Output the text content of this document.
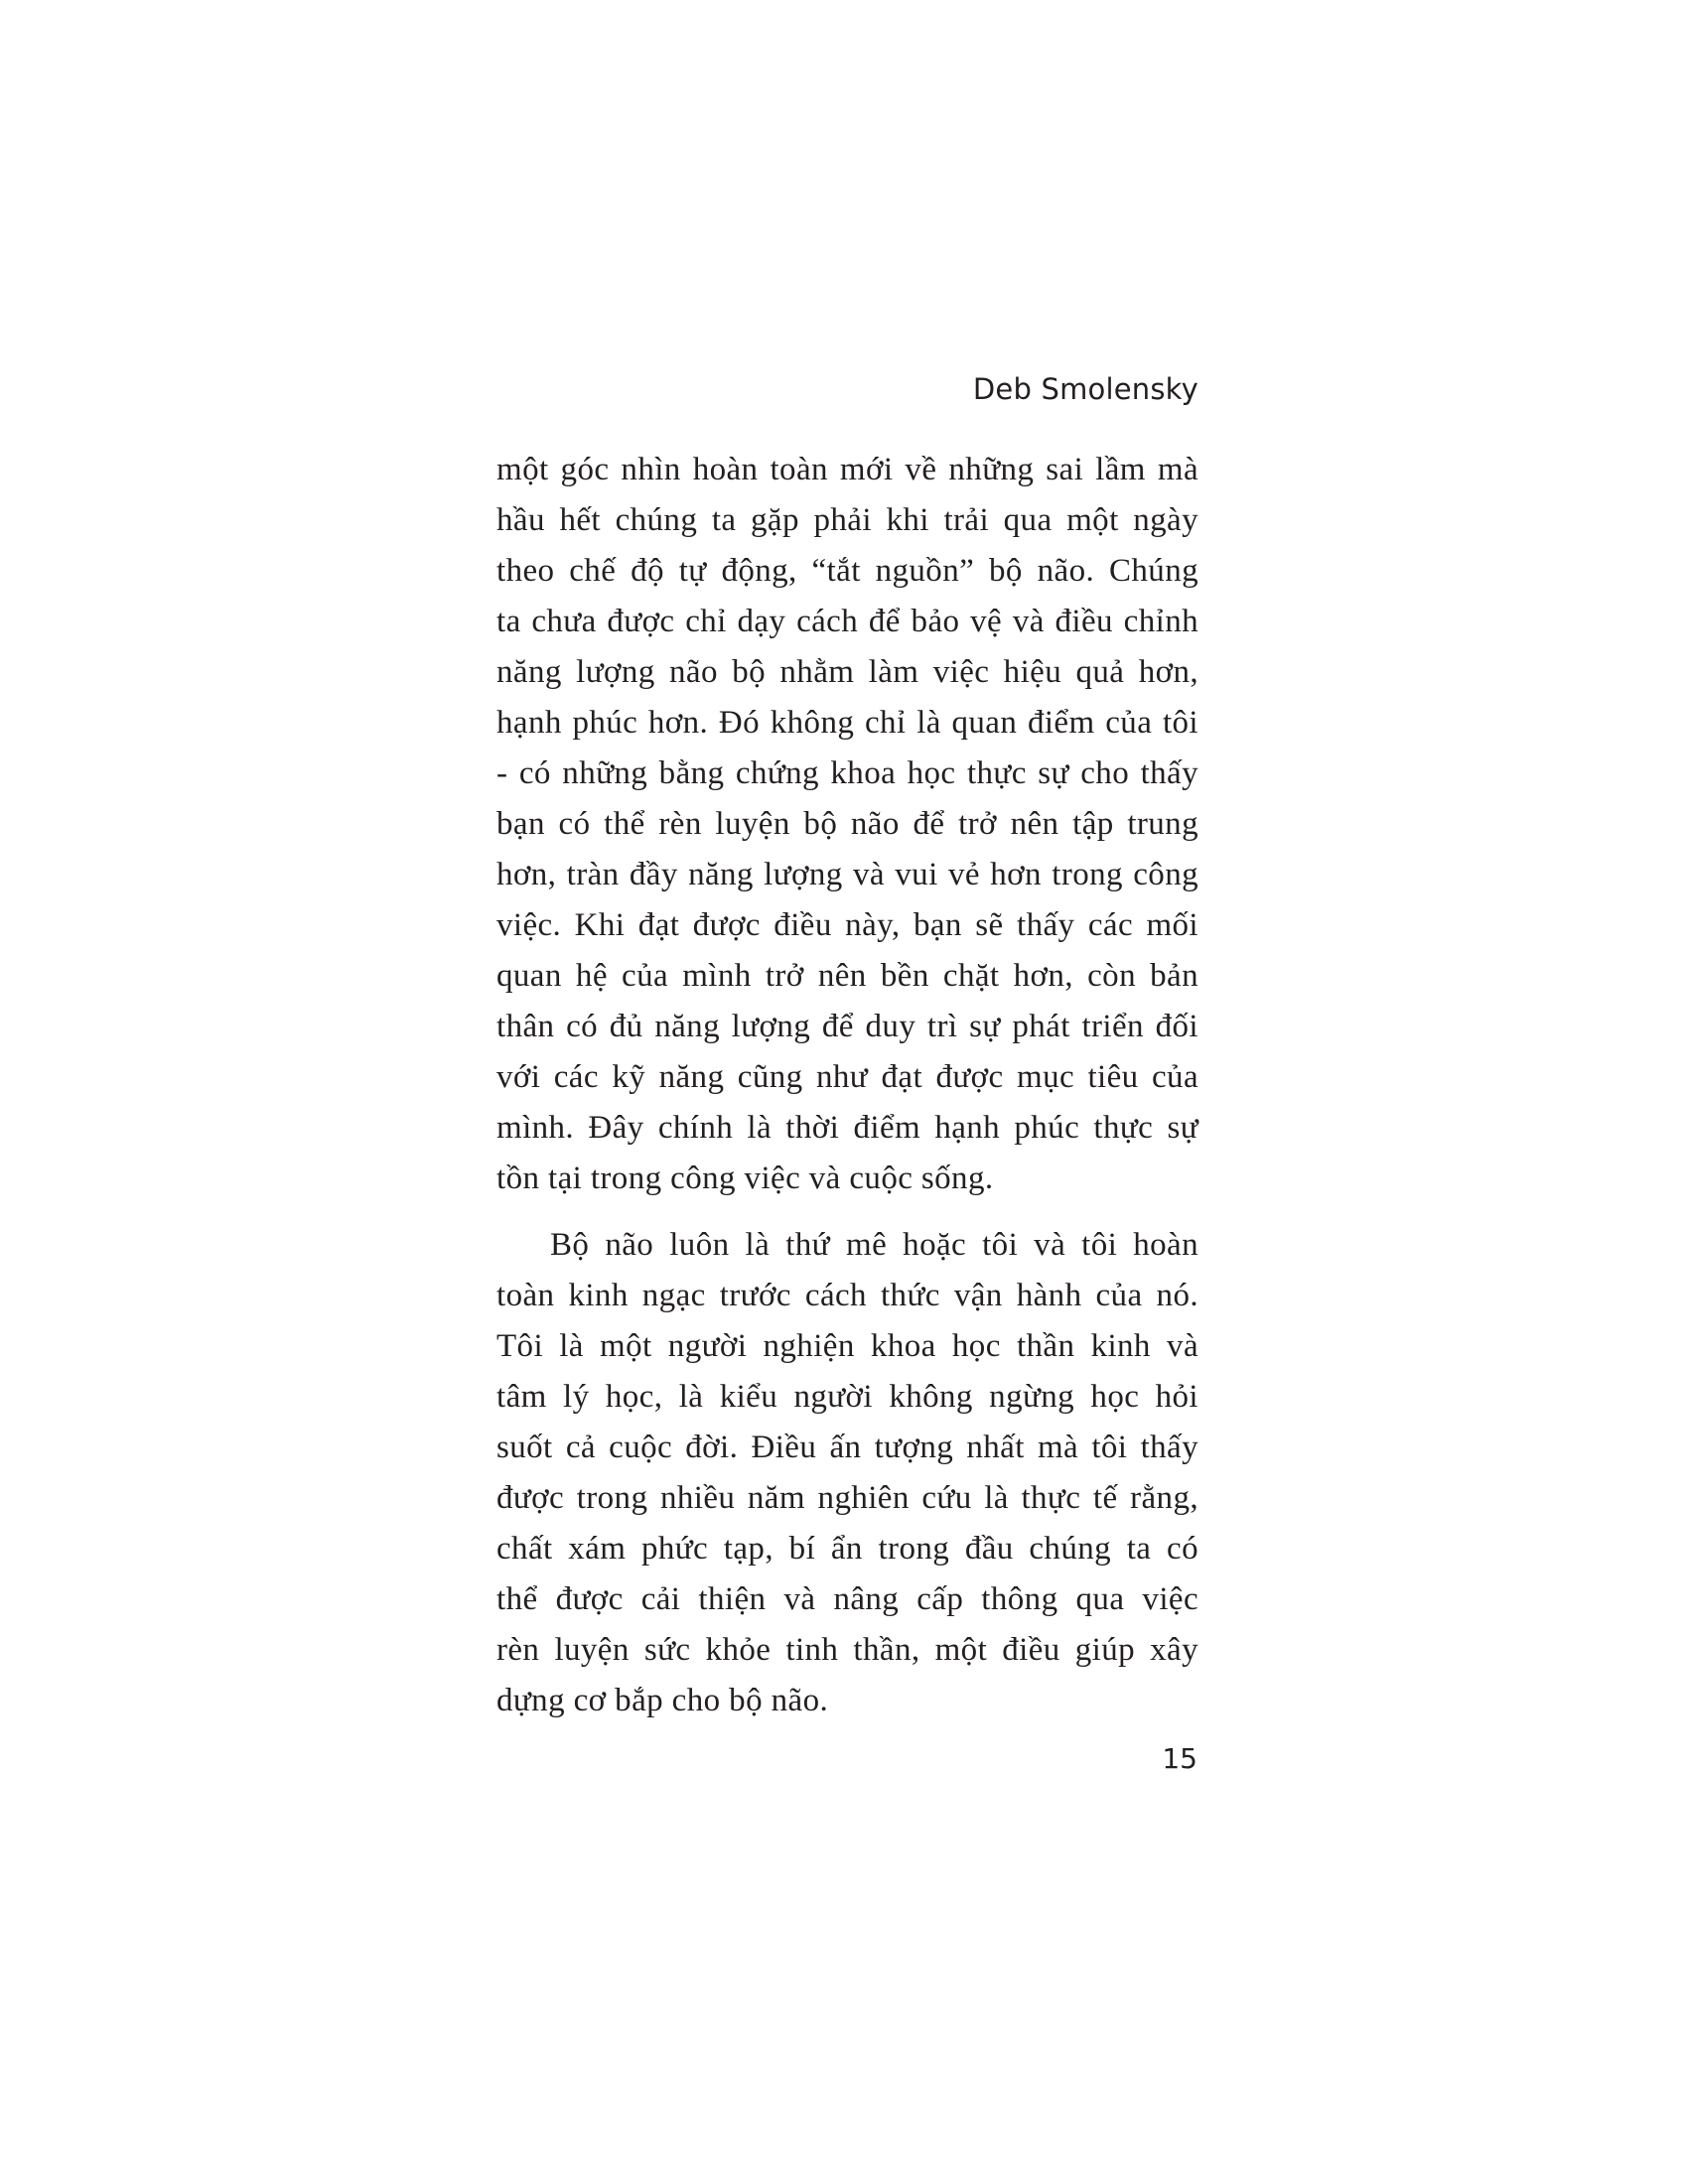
Deb Smolensky
một góc nhìn hoàn toàn mới về những sai lầm mà
hầu hết chúng ta gặp phải khi trải qua một ngày
theo chế độ tự động, “tắt nguồn” bộ não. Chúng
ta chưa được chỉ dạy cách để bảo vệ và điều chỉnh
năng lượng não bộ nhằm làm việc hiệu quả hơn,
hạnh phúc hơn. Đó không chỉ là quan điểm của tôi
- có những bằng chứng khoa học thực sự cho thấy
bạn có thể rèn luyện bộ não để trở nên tập trung
hơn, tràn đầy năng lượng và vui vẻ hơn trong công
việc. Khi đạt được điều này, bạn sẽ thấy các mối
quan hệ của mình trở nên bền chặt hơn, còn bản
thân có đủ năng lượng để duy trì sự phát triển đối
với các kỹ năng cũng như đạt được mục tiêu của
mình. Đây chính là thời điểm hạnh phúc thực sự
tồn tại trong công việc và cuộc sống.
Bộ não luôn là thứ mê hoặc tôi và tôi hoàn
toàn kinh ngạc trước cách thức vận hành của nó.
Tôi là một người nghiện khoa học thần kinh và
tâm lý học, là kiểu người không ngừng học hỏi
suốt cả cuộc đời. Điều ấn tượng nhất mà tôi thấy
được trong nhiều năm nghiên cứu là thực tế rằng,
chất xám phức tạp, bí ẩn trong đầu chúng ta có
thể được cải thiện và nâng cấp thông qua việc
rèn luyện sức khỏe tinh thần, một điều giúp xây
dựng cơ bắp cho bộ não.
15
